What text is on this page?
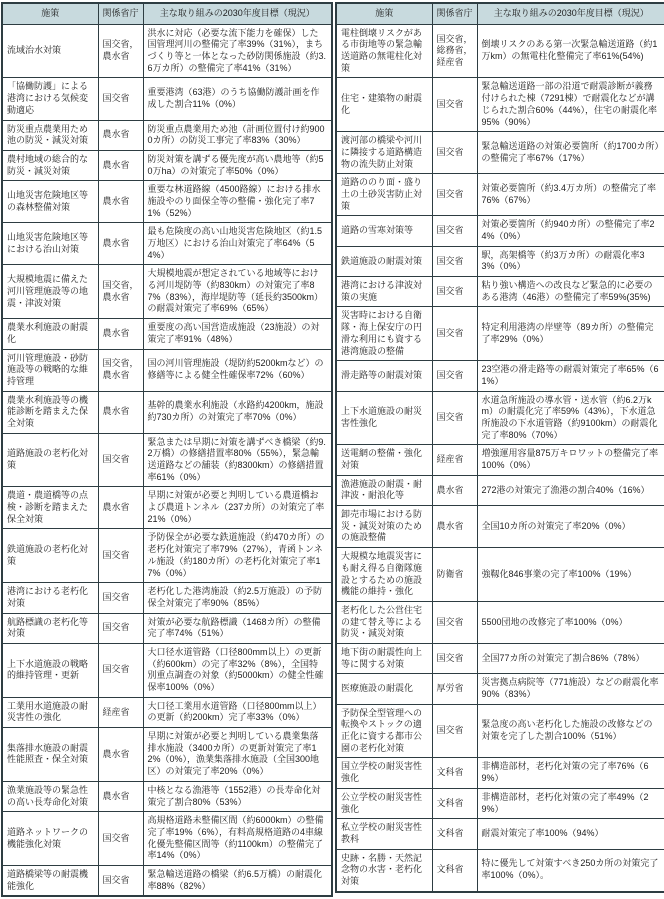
施策	関係省庁	主な取り組みの2030年度目標（現況）
流域治水対策	国交省，農水省	洪水に対応（必要な流下能力を確保）した国管理河川の整備完了率39%（31%），まちづくり等と一体となった砂防関係施設（約3.6万カ所）の整備完了率41%（31%）
「協働防護」による港湾における気候変動適応	国交省	重要港湾（63港）のうち協働防護計画を作成した割合11%（0%）
防災重点農業用ため池の防災・減災対策	農水省	防災重点農業用ため池（計画位置付け約9000カ所）の防災工事完了率83%（30%）
農村地域の総合的な防災・減災対策	農水省	防災対策を講ずる優先度が高い農地等（約50万ha）の対策完了率50%（0%）
山地災害危険地区等の森林整備対策	農水省	重要な林道路線（4500路線）における排水施設やのり面保全等の整備・強化完了率71%（52%）
山地災害危険地区等における治山対策	農水省	最も危険度の高い山地災害危険地区（約1.5万地区）における治山対策完了率64%（54%）
大規模地震に備えた河川管理施設等の地震・津波対策	国交省，農水省	大規模地震が想定されている地域等における河川堤防等（約830km）の対策完了率87%（83%），海岸堤防等（延長約3500km）の耐震対策完了率69%（65%）
農業水利施設の耐震化	農水省	重要度の高い国営造成施設（23施設）の対策完了率91%（48%）
河川管理施設・砂防施設等の戦略的な維持管理	国交省，農水省	国の河川管理施設（堤防約5200kmなど）の修繕等による健全性確保率72%（60%）
農業水利施設等の機能診断を踏まえた保全対策	農水省	基幹的農業水利施設（水路約4200km，施設約730カ所）の対策完了率70%（0%）
道路施設の老朽化対策	国交省	緊急または早期に対策を講ずべき橋梁（約9.2万橋）の修繕措置率80%（55%），緊急輸送道路などの舗装（約8300km）の修繕措置率61%（0%）
農道・農道橋等の点検・診断を踏まえた保全対策	農水省	早期に対策が必要と判明している農道橋および農道トンネル（237カ所）の対策完了率21%（0%）
鉄道施設の老朽化対策	国交省	予防保全が必要な鉄道施設（約470カ所）の老朽化対策完了率79%（27%），青函トンネル施設（約180カ所）の老朽化対策完了率17%（0%）
港湾における老朽化対策	国交省	老朽化した港湾施設（約2.5万施設）の予防保全対策完了率90%（85%）
航路標識の老朽化等対策	国交省	対策が必要な航路標識（1468カ所）の整備完了率74%（51%）
上下水道施設の戦略的維持管理・更新	国交省	大口径水道管路（口径800mm以上）の更新（約600km）の完了率32%（8%），全国特別重点調査の対象（約5000km）の健全性確保率100%（0%）
工業用水道施設の耐災害性の強化	経産省	大口径工業用水道管路（口径800mm以上）の更新（約200km）完了率33%（0%）
集落排水施設の耐震性能照査・保全対策	農水省	早期に対策が必要と判明している農業集落排水施設（3400カ所）の更新対策完了率12%（0%），漁業集落排水施設（全国300地区）の対策完了率20%（0%）
漁業施設等の緊急性の高い長寿命化対策	農水省	中核となる漁港等（1552港）の長寿命化対策完了割合80%（53%）
道路ネットワークの機能強化対策	国交省	高規格道路未整備区間（約6000km）の整備完了率19%（6%），有料高規格道路の4車線化優先整備区間等（約1100km）の整備完了率14%（0%）
道路橋梁等の耐震機能強化	国交省	緊急輸送道路の橋梁（約6.5万橋）の耐震化率88%（82%）
施策	関係省庁	主な取り組みの2030年度目標（現況）
電柱倒壊リスクがある市街地等の緊急輸送道路の無電柱化対策	国交省，総務省，経産省	倒壊リスクのある第一次緊急輸送道路（約1万km）の無電柱化整備完了率61%(54%)
住宅・建築物の耐震化	国交省	緊急輸送道路一部の沿道で耐震診断が義務付けられた棟（7291棟）で耐震化などが講じられた割合60%（44%），住宅の耐震化率95%（90%）
渡河部の橋梁や河川に隣接する道路構造物の流失防止対策	国交省	緊急輸送道路の対策必要箇所（約1700カ所）の整備完了率67%（17%）
道路ののり面・盛り土の土砂災害防止対策	国交省	対策必要箇所（約3.4万カ所）の整備完了率76%（67%）
道路の雪寒対策等	国交省	対策必要箇所（約940カ所）の整備完了率24%（0%）
鉄道施設の耐震対策	国交省	駅，高架橋等（約3万カ所）の耐震化率33%（0%）
港湾における津波対策の実施	国交省	粘り強い構造への改良など緊急的に必要のある港湾（46港）の整備完了率59%(35%)
災害時における自衛隊・海上保安庁の円滑な利用にも資する港湾施設の整備	国交省	特定利用港湾の岸壁等（89カ所）の整備完了率29%（0%）
滑走路等の耐震対策	国交省	23空港の滑走路等の耐震対策完了率65%（61%）
上下水道施設の耐災害性強化	国交省	水道急所施設の導水管・送水管（約6.2万km）の耐震化完了率59%（43%），下水道急所施設の下水道管路（約9100km）の耐震化完了率80%（70%）
送電網の整備・強化対策	経産省	増強運用容量875万キロワットの整備完了率100%（0%）
漁港施設の耐震・耐津波・耐浪化等	農水省	272港の対策完了漁港の割合40%（16%）
卸売市場における防災・減災対策のための施設整備	農水省	全国10カ所の対策完了率20%（0%）
大規模な地震災害にも耐え得る自衛隊施設とするための施設機能の維持・強化	防衛省	強靱化846事業の完了率100%（19%）
老朽化した公営住宅の建て替え等による防災・減災対策	国交省	5500団地の改修完了率100%（0%）
地下街の耐震性向上等に関する対策	国交省	全国77カ所の対策完了割合86%（78%）
医療施設の耐震化	厚労省	災害拠点病院等（771施設）などの耐震化率90%（83%）
予防保全型管理への転換やストックの適正化に資する都市公園の老朽化対策	国交省	緊急度の高い老朽化した施設の改修などの対策を完了した割合100%（51%）
国立学校の耐災害性強化	文科省	非構造部材，老朽化対策の完了率76%（69%）
公立学校の耐災害性強化	文科省	非構造部材，老朽化対策の完了率49%（29%）
私立学校の耐災害性教科	文科省	耐震対策完了率100%（94%）
史跡・名勝・天然記念物の水害・老朽化対策	文科省	特に優先して対策すべき250カ所の対策完了率100%（0%）。
